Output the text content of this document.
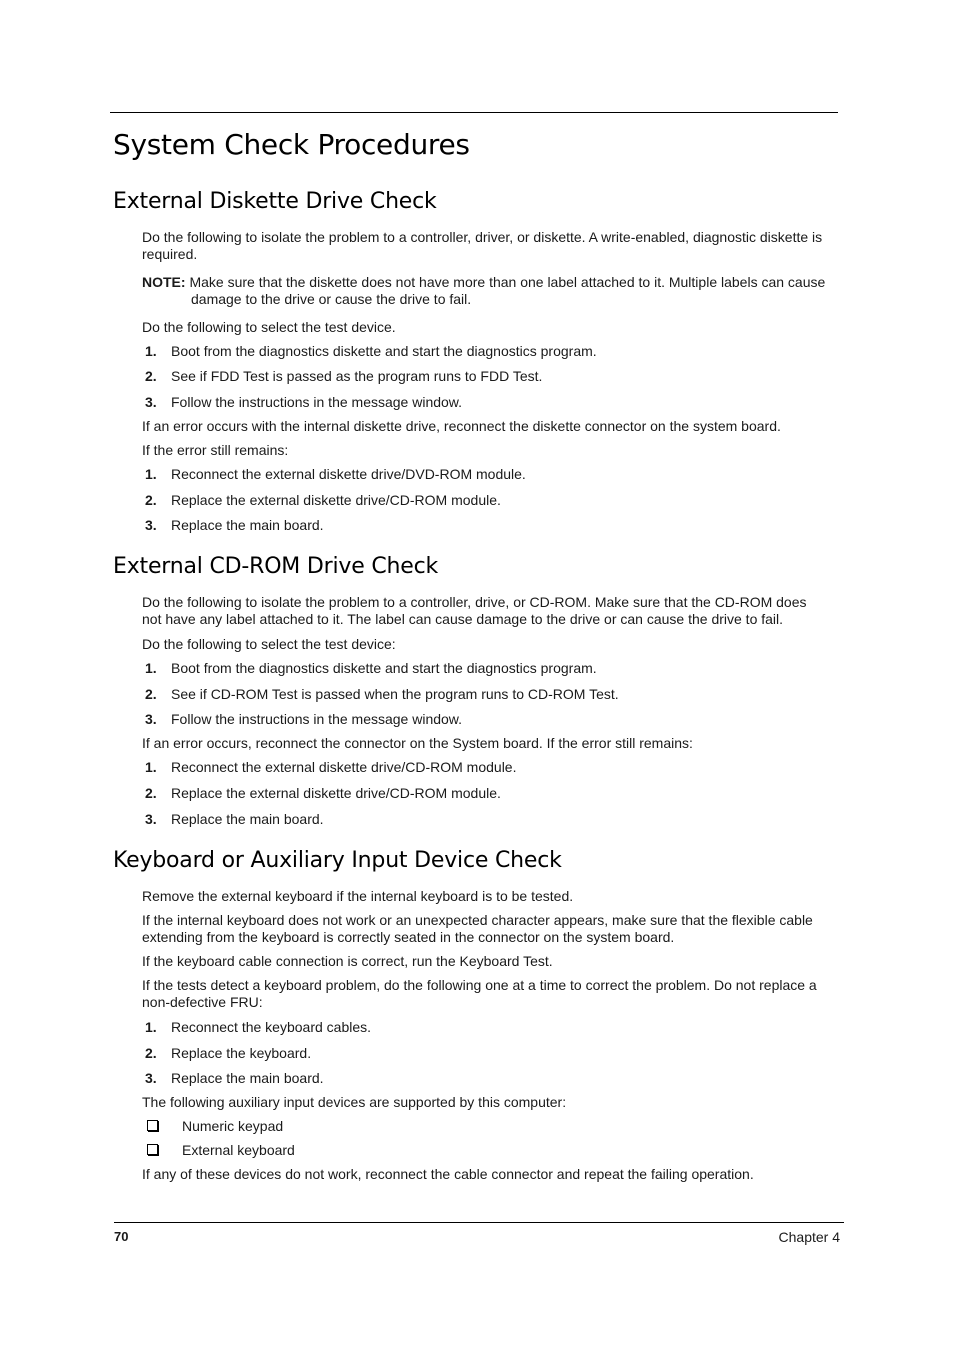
System Check Procedures
External Diskette Drive Check
Do the following to isolate the problem to a controller, driver, or diskette. A write-enabled, diagnostic diskette is
required.
NOTE: Make sure that the diskette does not have more than one label attached to it. Multiple labels can cause
damage to the drive or cause the drive to fail.
Do the following to select the test device.
1. Boot from the diagnostics diskette and start the diagnostics program.
2. See if FDD Test is passed as the program runs to FDD Test.
3. Follow the instructions in the message window.
If an error occurs with the internal diskette drive, reconnect the diskette connector on the system board.
If the error still remains:
1. Reconnect the external diskette drive/DVD-ROM module.
2. Replace the external diskette drive/CD-ROM module.
3. Replace the main board.
External CD-ROM Drive Check
Do the following to isolate the problem to a controller, drive, or CD-ROM. Make sure that the CD-ROM does
not have any label attached to it. The label can cause damage to the drive or can cause the drive to fail.
Do the following to select the test device:
1. Boot from the diagnostics diskette and start the diagnostics program.
2. See if CD-ROM Test is passed when the program runs to CD-ROM Test.
3. Follow the instructions in the message window.
If an error occurs, reconnect the connector on the System board. If the error still remains:
1. Reconnect the external diskette drive/CD-ROM module.
2. Replace the external diskette drive/CD-ROM module.
3. Replace the main board.
Keyboard or Auxiliary Input Device Check
Remove the external keyboard if the internal keyboard is to be tested.
If the internal keyboard does not work or an unexpected character appears, make sure that the flexible cable
extending from the keyboard is correctly seated in the connector on the system board.
If the keyboard cable connection is correct, run the Keyboard Test.
If the tests detect a keyboard problem, do the following one at a time to correct the problem. Do not replace a
non-defective FRU:
1. Reconnect the keyboard cables.
2. Replace the keyboard.
3. Replace the main board.
The following auxiliary input devices are supported by this computer:
Numeric keypad
External keyboard
If any of these devices do not work, reconnect the cable connector and repeat the failing operation.
70	Chapter 4
